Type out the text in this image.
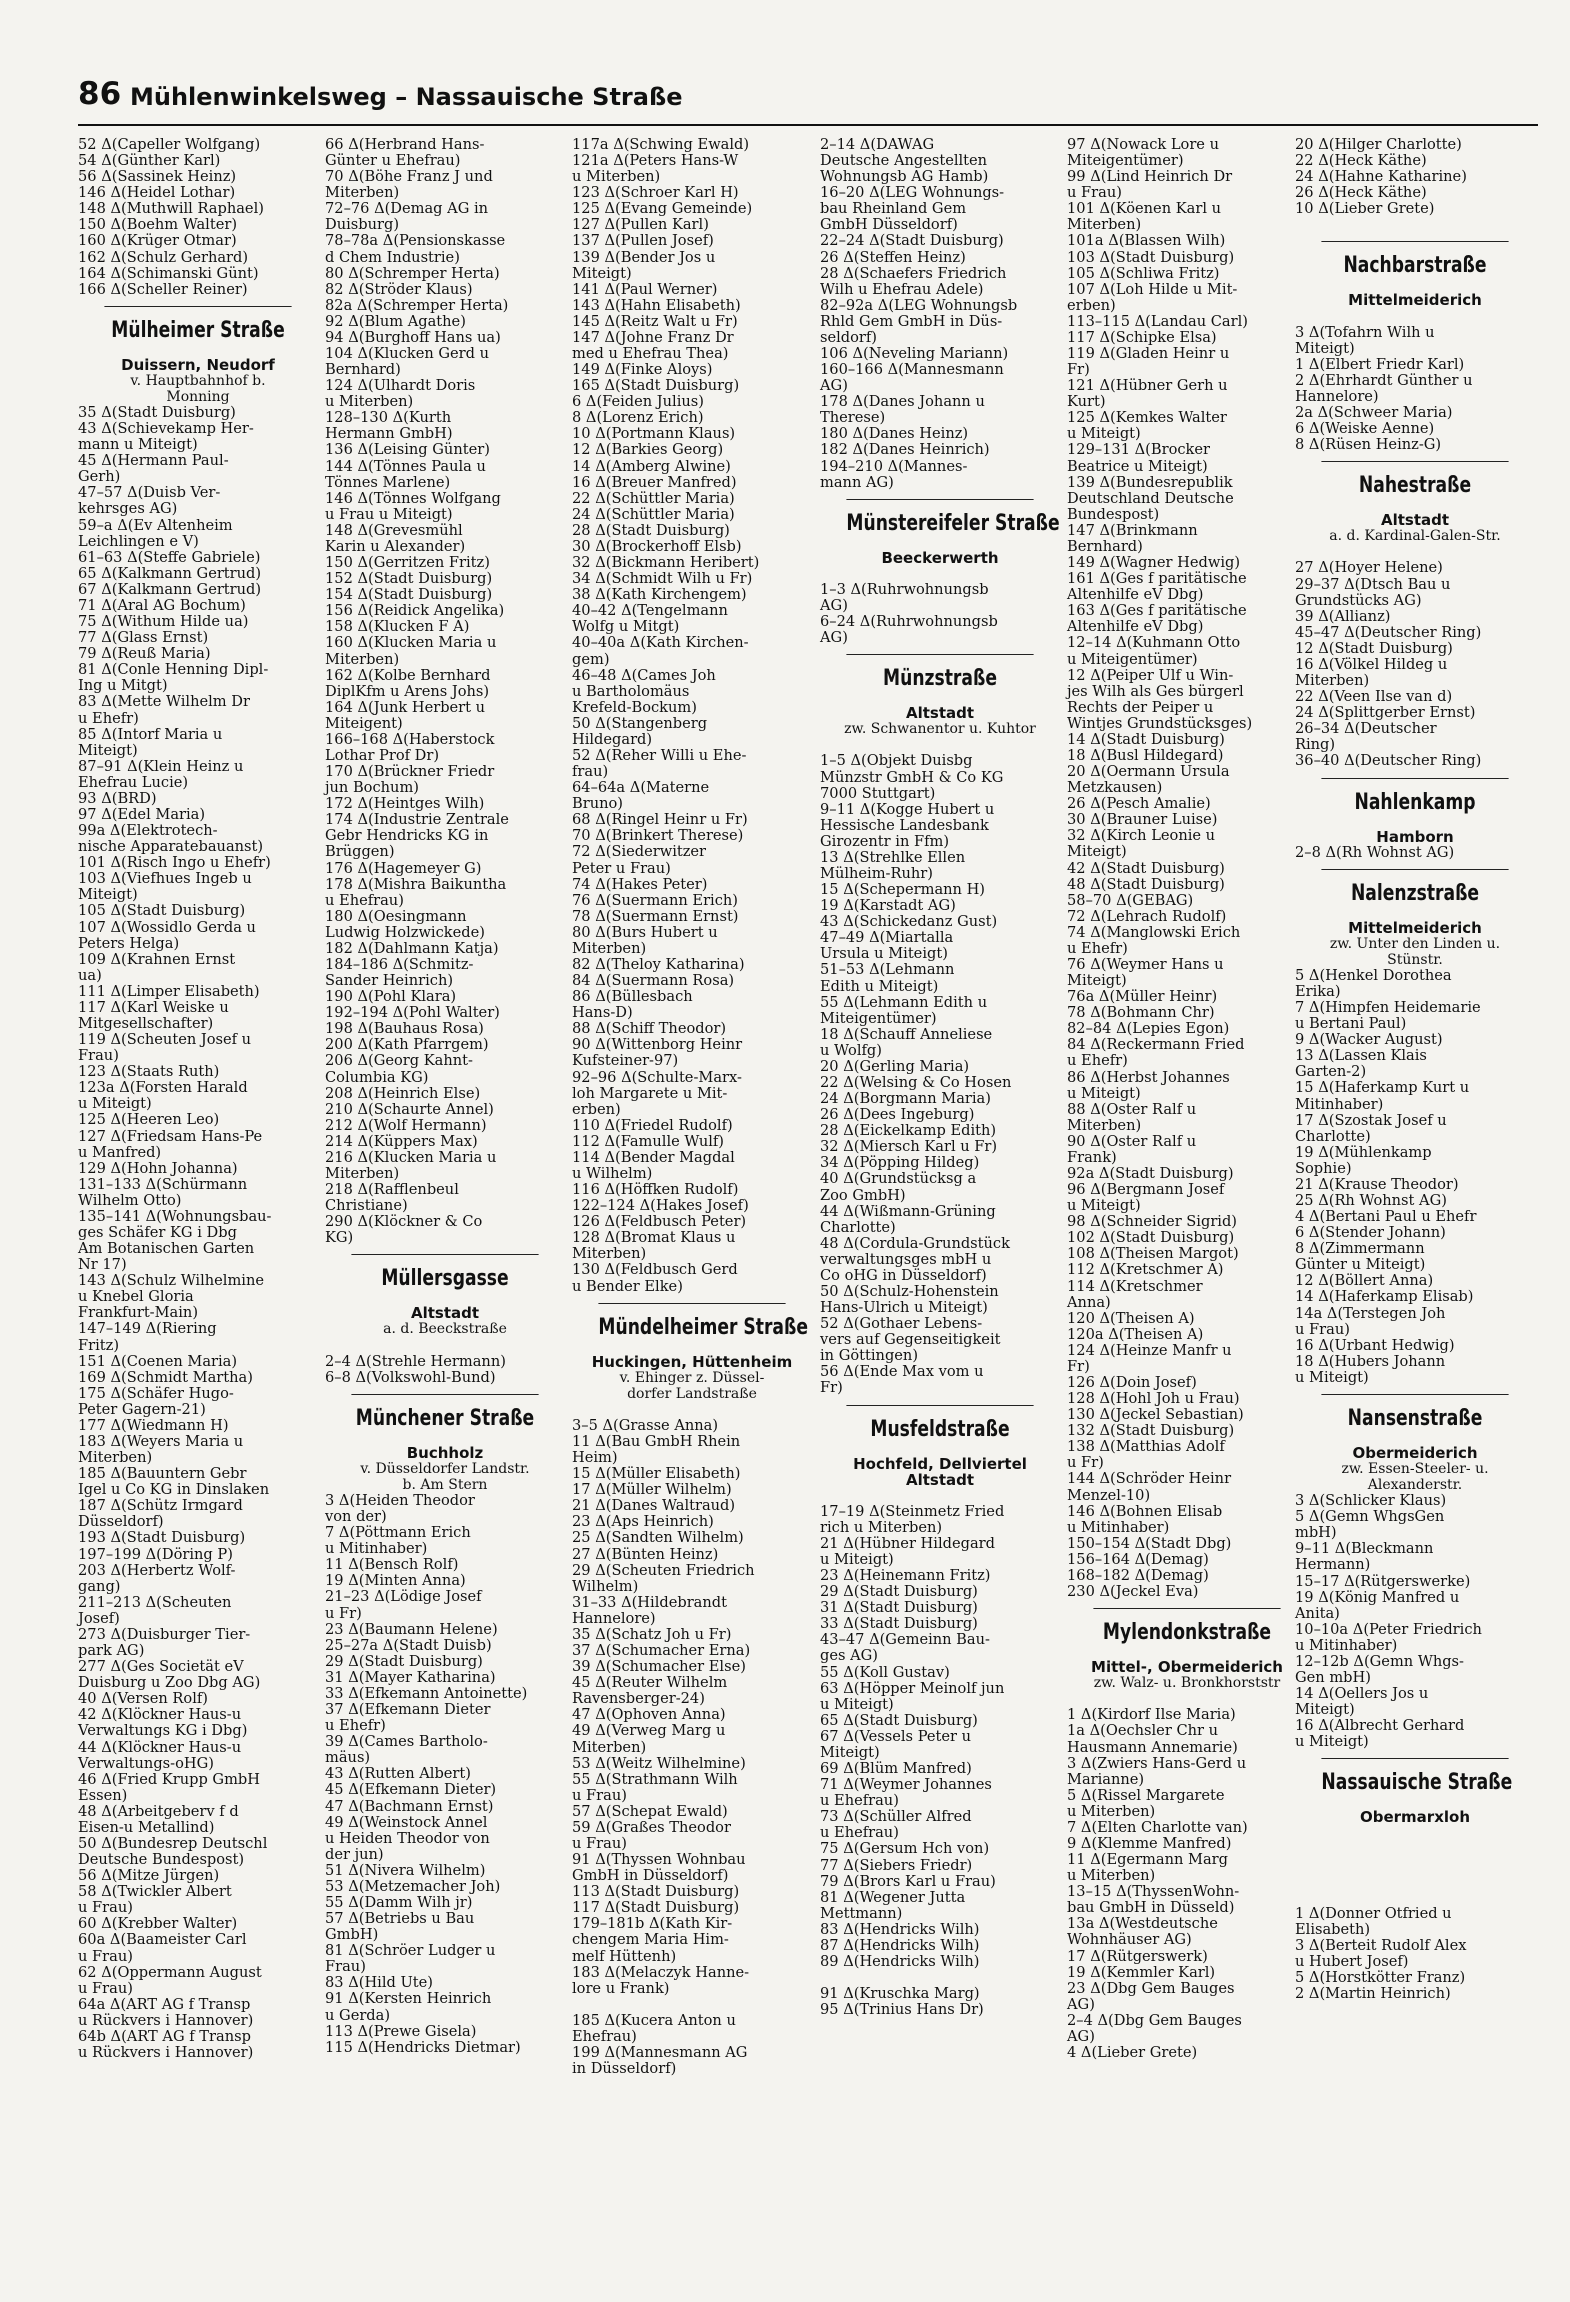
86 Mühlenwinkelsweg – Nassauische Straße
52 Δ(Capeller Wolfgang)
54 Δ(Günther Karl)
56 Δ(Sassinek Heinz)
146 Δ(Heidel Lothar)
148 Δ(Muthwill Raphael)
150 Δ(Boehm Walter)
160 Δ(Krüger Otmar)
162 Δ(Schulz Gerhard)
164 Δ(Schimanski Günt)
166 Δ(Scheller Reiner)
Mülheimer Straße
Duissern, Neudorf
v. Hauptbahnhof b.
Monning
35 Δ(Stadt Duisburg)
43 Δ(Schievekamp Her-
mann u Miteigt)
45 Δ(Hermann Paul-
Gerh)
47–57 Δ(Duisb Ver-
kehrsges AG)
59–a Δ(Ev Altenheim
Leichlingen e V)
61–63 Δ(Steffe Gabriele)
65 Δ(Kalkmann Gertrud)
67 Δ(Kalkmann Gertrud)
71 Δ(Aral AG Bochum)
75 Δ(Withum Hilde ua)
77 Δ(Glass Ernst)
79 Δ(Reuß Maria)
81 Δ(Conle Henning Dipl-
Ing u Mitgt)
83 Δ(Mette Wilhelm Dr
u Ehefr)
85 Δ(Intorf Maria u
Miteigt)
87–91 Δ(Klein Heinz u
Ehefrau Lucie)
93 Δ(BRD)
97 Δ(Edel Maria)
99a Δ(Elektrotech-
nische Apparatebauanst)
101 Δ(Risch Ingo u Ehefr)
103 Δ(Viefhues Ingeb u
Miteigt)
105 Δ(Stadt Duisburg)
107 Δ(Wossidlo Gerda u
Peters Helga)
109 Δ(Krahnen Ernst
ua)
111 Δ(Limper Elisabeth)
117 Δ(Karl Weiske u
Mitgesellschafter)
119 Δ(Scheuten Josef u
Frau)
123 Δ(Staats Ruth)
123a Δ(Forsten Harald
u Miteigt)
125 Δ(Heeren Leo)
127 Δ(Friedsam Hans-Pe
u Manfred)
129 Δ(Hohn Johanna)
131–133 Δ(Schürmann
Wilhelm Otto)
135–141 Δ(Wohnungsbau-
ges Schäfer KG i Dbg
Am Botanischen Garten
Nr 17)
143 Δ(Schulz Wilhelmine
u Knebel Gloria
Frankfurt-Main)
147–149 Δ(Riering
Fritz)
151 Δ(Coenen Maria)
169 Δ(Schmidt Martha)
175 Δ(Schäfer Hugo-
Peter Gagern-21)
177 Δ(Wiedmann H)
183 Δ(Weyers Maria u
Miterben)
185 Δ(Bauuntern Gebr
Igel u Co KG in Dinslaken
187 Δ(Schütz Irmgard
Düsseldorf)
193 Δ(Stadt Duisburg)
197–199 Δ(Döring P)
203 Δ(Herbertz Wolf-
gang)
211–213 Δ(Scheuten
Josef)
273 Δ(Duisburger Tier-
park AG)
277 Δ(Ges Societät eV
Duisburg u Zoo Dbg AG)
40 Δ(Versen Rolf)
42 Δ(Klöckner Haus-u
Verwaltungs KG i Dbg)
44 Δ(Klöckner Haus-u
Verwaltungs-oHG)
46 Δ(Fried Krupp GmbH
Essen)
48 Δ(Arbeitgeberv f d
Eisen-u Metallind)
50 Δ(Bundesrep Deutschl
Deutsche Bundespost)
56 Δ(Mitze Jürgen)
58 Δ(Twickler Albert
u Frau)
60 Δ(Krebber Walter)
60a Δ(Baameister Carl
u Frau)
62 Δ(Oppermann August
u Frau)
64a Δ(ART AG f Transp
u Rückvers i Hannover)
64b Δ(ART AG f Transp
u Rückvers i Hannover)
66 Δ(Herbrand Hans-
Günter u Ehefrau)
70 Δ(Böhe Franz J und
Miterben)
72–76 Δ(Demag AG in
Duisburg)
78–78a Δ(Pensionskasse
d Chem Industrie)
80 Δ(Schremper Herta)
82 Δ(Ströder Klaus)
82a Δ(Schremper Herta)
92 Δ(Blum Agathe)
94 Δ(Burghoff Hans ua)
104 Δ(Klucken Gerd u
Bernhard)
124 Δ(Ulhardt Doris
u Miterben)
128–130 Δ(Kurth
Hermann GmbH)
136 Δ(Leising Günter)
144 Δ(Tönnes Paula u
Tönnes Marlene)
146 Δ(Tönnes Wolfgang
u Frau u Miteigt)
148 Δ(Grevesmühl
Karin u Alexander)
150 Δ(Gerritzen Fritz)
152 Δ(Stadt Duisburg)
154 Δ(Stadt Duisburg)
156 Δ(Reidick Angelika)
158 Δ(Klucken F A)
160 Δ(Klucken Maria u
Miterben)
162 Δ(Kolbe Bernhard
DiplKfm u Arens Johs)
164 Δ(Junk Herbert u
Miteigent)
166–168 Δ(Haberstock
Lothar Prof Dr)
170 Δ(Brückner Friedr
jun Bochum)
172 Δ(Heintges Wilh)
174 Δ(Industrie Zentrale
Gebr Hendricks KG in
Brüggen)
176 Δ(Hagemeyer G)
178 Δ(Mishra Baikuntha
u Ehefrau)
180 Δ(Oesingmann
Ludwig Holzwickede)
182 Δ(Dahlmann Katja)
184–186 Δ(Schmitz-
Sander Heinrich)
190 Δ(Pohl Klara)
192–194 Δ(Pohl Walter)
198 Δ(Bauhaus Rosa)
200 Δ(Kath Pfarrgem)
206 Δ(Georg Kahnt-
Columbia KG)
208 Δ(Heinrich Else)
210 Δ(Schaurte Annel)
212 Δ(Wolf Hermann)
214 Δ(Küppers Max)
216 Δ(Klucken Maria u
Miterben)
218 Δ(Rafflenbeul
Christiane)
290 Δ(Klöckner & Co
KG)
Müllersgasse
Altstadt
a. d. Beeckstraße
2–4 Δ(Strehle Hermann)
6–8 Δ(Volkswohl-Bund)
Münchener Straße
Buchholz
v. Düsseldorfer Landstr.
b. Am Stern
3 Δ(Heiden Theodor
von der)
7 Δ(Pöttmann Erich
u Mitinhaber)
11 Δ(Bensch Rolf)
19 Δ(Minten Anna)
21–23 Δ(Lödige Josef
u Fr)
23 Δ(Baumann Helene)
25–27a Δ(Stadt Duisb)
29 Δ(Stadt Duisburg)
31 Δ(Mayer Katharina)
33 Δ(Efkemann Antoinette)
37 Δ(Efkemann Dieter
u Ehefr)
39 Δ(Cames Bartholo-
mäus)
43 Δ(Rutten Albert)
45 Δ(Efkemann Dieter)
47 Δ(Bachmann Ernst)
49 Δ(Weinstock Annel
u Heiden Theodor von
der jun)
51 Δ(Nivera Wilhelm)
53 Δ(Metzemacher Joh)
55 Δ(Damm Wilh jr)
57 Δ(Betriebs u Bau
GmbH)
81 Δ(Schröer Ludger u
Frau)
83 Δ(Hild Ute)
91 Δ(Kersten Heinrich
u Gerda)
113 Δ(Prewe Gisela)
115 Δ(Hendricks Dietmar)
117a Δ(Schwing Ewald)
121a Δ(Peters Hans-W
u Miterben)
123 Δ(Schroer Karl H)
125 Δ(Evang Gemeinde)
127 Δ(Pullen Karl)
137 Δ(Pullen Josef)
139 Δ(Bender Jos u
Miteigt)
141 Δ(Paul Werner)
143 Δ(Hahn Elisabeth)
145 Δ(Reitz Walt u Fr)
147 Δ(Johne Franz Dr
med u Ehefrau Thea)
149 Δ(Finke Aloys)
165 Δ(Stadt Duisburg)
6 Δ(Feiden Julius)
8 Δ(Lorenz Erich)
10 Δ(Portmann Klaus)
12 Δ(Barkies Georg)
14 Δ(Amberg Alwine)
16 Δ(Breuer Manfred)
22 Δ(Schüttler Maria)
24 Δ(Schüttler Maria)
28 Δ(Stadt Duisburg)
30 Δ(Brockerhoff Elsb)
32 Δ(Bickmann Heribert)
34 Δ(Schmidt Wilh u Fr)
38 Δ(Kath Kirchengem)
40–42 Δ(Tengelmann
Wolfg u Mitgt)
40–40a Δ(Kath Kirchen-
gem)
46–48 Δ(Cames Joh
u Bartholomäus
Krefeld-Bockum)
50 Δ(Stangenberg
Hildegard)
52 Δ(Reher Willi u Ehe-
frau)
64–64a Δ(Materne
Bruno)
68 Δ(Ringel Heinr u Fr)
70 Δ(Brinkert Therese)
72 Δ(Siederwitzer
Peter u Frau)
74 Δ(Hakes Peter)
76 Δ(Suermann Erich)
78 Δ(Suermann Ernst)
80 Δ(Burs Hubert u
Miterben)
82 Δ(Theloy Katharina)
84 Δ(Suermann Rosa)
86 Δ(Büllesbach
Hans-D)
88 Δ(Schiff Theodor)
90 Δ(Wittenborg Heinr
Kufsteiner-97)
92–96 Δ(Schulte-Marx-
loh Margarete u Mit-
erben)
110 Δ(Friedel Rudolf)
112 Δ(Famulle Wulf)
114 Δ(Bender Magdal
u Wilhelm)
116 Δ(Höffken Rudolf)
122–124 Δ(Hakes Josef)
126 Δ(Feldbusch Peter)
128 Δ(Bromat Klaus u
Miterben)
130 Δ(Feldbusch Gerd
u Bender Elke)
Mündelheimer Straße
Huckingen, Hüttenheim
v. Ehinger z. Düssel-
dorfer Landstraße
3–5 Δ(Grasse Anna)
11 Δ(Bau GmbH Rhein
Heim)
15 Δ(Müller Elisabeth)
17 Δ(Müller Wilhelm)
21 Δ(Danes Waltraud)
23 Δ(Aps Heinrich)
25 Δ(Sandten Wilhelm)
27 Δ(Bünten Heinz)
29 Δ(Scheuten Friedrich
Wilhelm)
31–33 Δ(Hildebrandt
Hannelore)
35 Δ(Schatz Joh u Fr)
37 Δ(Schumacher Erna)
39 Δ(Schumacher Else)
45 Δ(Reuter Wilhelm
Ravensberger-24)
47 Δ(Ophoven Anna)
49 Δ(Verweg Marg u
Miterben)
53 Δ(Weitz Wilhelmine)
55 Δ(Strathmann Wilh
u Frau)
57 Δ(Schepat Ewald)
59 Δ(Graßes Theodor
u Frau)
91 Δ(Thyssen Wohnbau
GmbH in Düsseldorf)
113 Δ(Stadt Duisburg)
117 Δ(Stadt Duisburg)
179–181b Δ(Kath Kir-
chengem Maria Him-
melf Hüttenh)
183 Δ(Melaczyk Hanne-
lore u Frank)
185 Δ(Kucera Anton u
Ehefrau)
199 Δ(Mannesmann AG
in Düsseldorf)
2–14 Δ(DAWAG
Deutsche Angestellten
Wohnungsb AG Hamb)
16–20 Δ(LEG Wohnungs-
bau Rheinland Gem
GmbH Düsseldorf)
22–24 Δ(Stadt Duisburg)
26 Δ(Steffen Heinz)
28 Δ(Schaefers Friedrich
Wilh u Ehefrau Adele)
82–92a Δ(LEG Wohnungsb
Rhld Gem GmbH in Düs-
seldorf)
106 Δ(Neveling Mariann)
160–166 Δ(Mannesmann
AG)
178 Δ(Danes Johann u
Therese)
180 Δ(Danes Heinz)
182 Δ(Danes Heinrich)
194–210 Δ(Mannes-
mann AG)
Münstereifeler Straße
Beeckerwerth
1–3 Δ(Ruhrwohnungsb
AG)
6–24 Δ(Ruhrwohnungsb
AG)
Münzstraße
Altstadt
zw. Schwanentor u. Kuhtor
1–5 Δ(Objekt Duisbg
Münzstr GmbH & Co KG
7000 Stuttgart)
9–11 Δ(Kogge Hubert u
Hessische Landesbank
Girozentr in Ffm)
13 Δ(Strehlke Ellen
Mülheim-Ruhr)
15 Δ(Schepermann H)
19 Δ(Karstadt AG)
43 Δ(Schickedanz Gust)
47–49 Δ(Miartalla
Ursula u Miteigt)
51–53 Δ(Lehmann
Edith u Miteigt)
55 Δ(Lehmann Edith u
Miteigentümer)
18 Δ(Schauff Anneliese
u Wolfg)
20 Δ(Gerling Maria)
22 Δ(Welsing & Co Hosen
24 Δ(Borgmann Maria)
26 Δ(Dees Ingeburg)
28 Δ(Eickelkamp Edith)
32 Δ(Miersch Karl u Fr)
34 Δ(Pöpping Hildeg)
40 Δ(Grundstücksg a
Zoo GmbH)
44 Δ(Wißmann-Grüning
Charlotte)
48 Δ(Cordula-Grundstück
verwaltungsges mbH u
Co oHG in Düsseldorf)
50 Δ(Schulz-Hohenstein
Hans-Ulrich u Miteigt)
52 Δ(Gothaer Lebens-
vers auf Gegenseitigkeit
in Göttingen)
56 Δ(Ende Max vom u
Fr)
Musfeldstraße
Hochfeld, Dellviertel
Altstadt
17–19 Δ(Steinmetz Fried
rich u Miterben)
21 Δ(Hübner Hildegard
u Miteigt)
23 Δ(Heinemann Fritz)
29 Δ(Stadt Duisburg)
31 Δ(Stadt Duisburg)
33 Δ(Stadt Duisburg)
43–47 Δ(Gemeinn Bau-
ges AG)
55 Δ(Koll Gustav)
63 Δ(Höpper Meinolf jun
u Miteigt)
65 Δ(Stadt Duisburg)
67 Δ(Vessels Peter u
Miteigt)
69 Δ(Blüm Manfred)
71 Δ(Weymer Johannes
u Ehefrau)
73 Δ(Schüller Alfred
u Ehefrau)
75 Δ(Gersum Hch von)
77 Δ(Siebers Friedr)
79 Δ(Brors Karl u Frau)
81 Δ(Wegener Jutta
Mettmann)
83 Δ(Hendricks Wilh)
87 Δ(Hendricks Wilh)
89 Δ(Hendricks Wilh)
91 Δ(Kruschka Marg)
95 Δ(Trinius Hans Dr)
97 Δ(Nowack Lore u
Miteigentümer)
99 Δ(Lind Heinrich Dr
u Frau)
101 Δ(Köenen Karl u
Miterben)
101a Δ(Blassen Wilh)
103 Δ(Stadt Duisburg)
105 Δ(Schliwa Fritz)
107 Δ(Loh Hilde u Mit-
erben)
113–115 Δ(Landau Carl)
117 Δ(Schipke Elsa)
119 Δ(Gladen Heinr u
Fr)
121 Δ(Hübner Gerh u
Kurt)
125 Δ(Kemkes Walter
u Miteigt)
129–131 Δ(Brocker
Beatrice u Miteigt)
139 Δ(Bundesrepublik
Deutschland Deutsche
Bundespost)
147 Δ(Brinkmann
Bernhard)
149 Δ(Wagner Hedwig)
161 Δ(Ges f paritätische
Altenhilfe eV Dbg)
163 Δ(Ges f paritätische
Altenhilfe eV Dbg)
12–14 Δ(Kuhmann Otto
u Miteigentümer)
12 Δ(Peiper Ulf u Win-
jes Wilh als Ges bürgerl
Rechts der Peiper u
Wintjes Grundstücksges)
14 Δ(Stadt Duisburg)
18 Δ(Busl Hildegard)
20 Δ(Oermann Ursula
Metzkausen)
26 Δ(Pesch Amalie)
30 Δ(Brauner Luise)
32 Δ(Kirch Leonie u
Miteigt)
42 Δ(Stadt Duisburg)
48 Δ(Stadt Duisburg)
58–70 Δ(GEBAG)
72 Δ(Lehrach Rudolf)
74 Δ(Manglowski Erich
u Ehefr)
76 Δ(Weymer Hans u
Miteigt)
76a Δ(Müller Heinr)
78 Δ(Bohmann Chr)
82–84 Δ(Lepies Egon)
84 Δ(Reckermann Fried
u Ehefr)
86 Δ(Herbst Johannes
u Miteigt)
88 Δ(Oster Ralf u
Miterben)
90 Δ(Oster Ralf u
Frank)
92a Δ(Stadt Duisburg)
96 Δ(Bergmann Josef
u Miteigt)
98 Δ(Schneider Sigrid)
102 Δ(Stadt Duisburg)
108 Δ(Theisen Margot)
112 Δ(Kretschmer A)
114 Δ(Kretschmer
Anna)
120 Δ(Theisen A)
120a Δ(Theisen A)
124 Δ(Heinze Manfr u
Fr)
126 Δ(Doin Josef)
128 Δ(Hohl Joh u Frau)
130 Δ(Jeckel Sebastian)
132 Δ(Stadt Duisburg)
138 Δ(Matthias Adolf
u Fr)
144 Δ(Schröder Heinr
Menzel-10)
146 Δ(Bohnen Elisab
u Mitinhaber)
150–154 Δ(Stadt Dbg)
156–164 Δ(Demag)
168–182 Δ(Demag)
230 Δ(Jeckel Eva)
Mylendonkstraße
Mittel-, Obermeiderich
zw. Walz- u. Bronkhorststr
1 Δ(Kirdorf Ilse Maria)
1a Δ(Oechsler Chr u
Hausmann Annemarie)
3 Δ(Zwiers Hans-Gerd u
Marianne)
5 Δ(Rissel Margarete
u Miterben)
7 Δ(Elten Charlotte van)
9 Δ(Klemme Manfred)
11 Δ(Egermann Marg
u Miterben)
13–15 Δ(ThyssenWohn-
bau GmbH in Düsseld)
13a Δ(Westdeutsche
Wohnhäuser AG)
17 Δ(Rütgerswerk)
19 Δ(Kemmler Karl)
23 Δ(Dbg Gem Bauges
AG)
2–4 Δ(Dbg Gem Bauges
AG)
4 Δ(Lieber Grete)
20 Δ(Hilger Charlotte)
22 Δ(Heck Käthe)
24 Δ(Hahne Katharine)
26 Δ(Heck Käthe)
10 Δ(Lieber Grete)
Nachbarstraße
Mittelmeiderich
3 Δ(Tofahrn Wilh u
Miteigt)
1 Δ(Elbert Friedr Karl)
2 Δ(Ehrhardt Günther u
Hannelore)
2a Δ(Schweer Maria)
6 Δ(Weiske Aenne)
8 Δ(Rüsen Heinz-G)
Nahestraße
Altstadt
a. d. Kardinal-Galen-Str.
27 Δ(Hoyer Helene)
29–37 Δ(Dtsch Bau u
Grundstücks AG)
39 Δ(Allianz)
45–47 Δ(Deutscher Ring)
12 Δ(Stadt Duisburg)
16 Δ(Völkel Hildeg u
Miterben)
22 Δ(Veen Ilse van d)
24 Δ(Splittgerber Ernst)
26–34 Δ(Deutscher
Ring)
36–40 Δ(Deutscher Ring)
Nahlenkamp
Hamborn
2–8 Δ(Rh Wohnst AG)
Nalenzstraße
Mittelmeiderich
zw. Unter den Linden u.
Stünstr.
5 Δ(Henkel Dorothea
Erika)
7 Δ(Himpfen Heidemarie
u Bertani Paul)
9 Δ(Wacker August)
13 Δ(Lassen Klais
Garten-2)
15 Δ(Haferkamp Kurt u
Mitinhaber)
17 Δ(Szostak Josef u
Charlotte)
19 Δ(Mühlenkamp
Sophie)
21 Δ(Krause Theodor)
25 Δ(Rh Wohnst AG)
4 Δ(Bertani Paul u Ehefr
6 Δ(Stender Johann)
8 Δ(Zimmermann
Günter u Miteigt)
12 Δ(Böllert Anna)
14 Δ(Haferkamp Elisab)
14a Δ(Terstegen Joh
u Frau)
16 Δ(Urbant Hedwig)
18 Δ(Hubers Johann
u Miteigt)
Nansenstraße
Obermeiderich
zw. Essen-Steeler- u.
Alexanderstr.
3 Δ(Schlicker Klaus)
5 Δ(Gemn WhgsGen
mbH)
9–11 Δ(Bleckmann
Hermann)
15–17 Δ(Rütgerswerke)
19 Δ(König Manfred u
Anita)
10–10a Δ(Peter Friedrich
u Mitinhaber)
12–12b Δ(Gemn Whgs-
Gen mbH)
14 Δ(Oellers Jos u
Miteigt)
16 Δ(Albrecht Gerhard
u Miteigt)
Nassauische Straße
Obermarxloh
1 Δ(Donner Otfried u
Elisabeth)
3 Δ(Berteit Rudolf Alex
u Hubert Josef)
5 Δ(Horstkötter Franz)
2 Δ(Martin Heinrich)
